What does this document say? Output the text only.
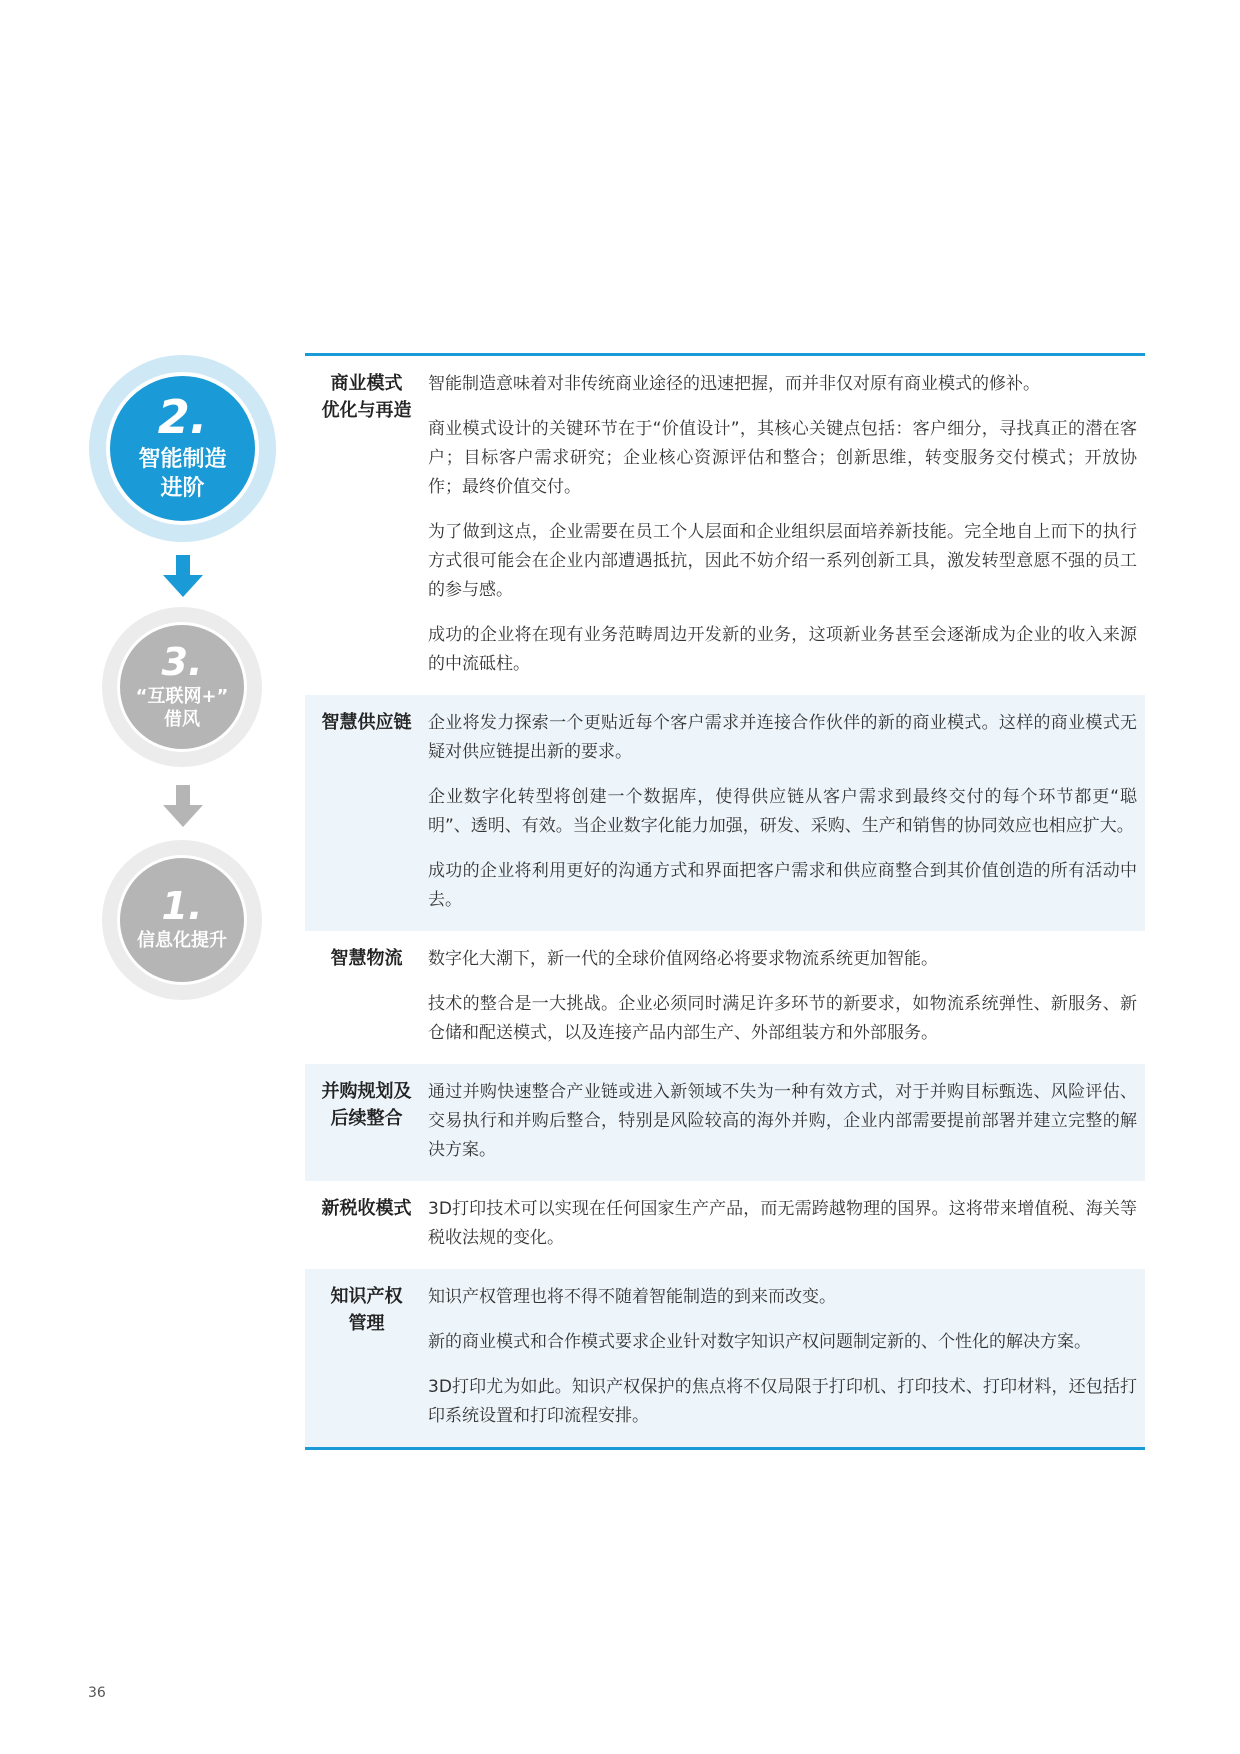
2.
智能制造
进阶
3.
“互联网+”
借风
1.
信息化提升
商业模式
优化与再造

智能制造意味着对非传统商业途径的迅速把握，而并非仅对原有商业模式的修补。

商业模式设计的关键环节在于“价值设计”，其核心关键点包括：客户细分，寻找真正的潜在客户；目标客户需求研究；企业核心资源评估和整合；创新思维，转变服务交付模式；开放协作；最终价值交付。

为了做到这点，企业需要在员工个人层面和企业组织层面培养新技能。完全地自上而下的执行方式很可能会在企业内部遭遇抵抗，因此不妨介绍一系列创新工具，激发转型意愿不强的员工的参与感。

成功的企业将在现有业务范畴周边开发新的业务，这项新业务甚至会逐渐成为企业的收入来源的中流砥柱。

智慧供应链 企业将发力探索一个更贴近每个客户需求并连接合作伙伴的新的商业模式。这样的商业模式无疑对供应链提出新的要求。

企业数字化转型将创建一个数据库，使得供应链从客户需求到最终交付的每个环节都更“聪明”、透明、有效。当企业数字化能力加强，研发、采购、生产和销售的协同效应也相应扩大。

成功的企业将利用更好的沟通方式和界面把客户需求和供应商整合到其价值创造的所有活动中去。

智慧物流	数字化大潮下，新一代的全球价值网络必将要求物流系统更加智能。

技术的整合是一大挑战。企业必须同时满足许多环节的新要求，如物流系统弹性、新服务、新仓储和配送模式，以及连接产品内部生产、外部组装方和外部服务。

并购规划及
后续整合

通过并购快速整合产业链或进入新领域不失为一种有效方式，对于并购目标甄选、风险评估、交易执行和并购后整合，特别是风险较高的海外并购，企业内部需要提前部署并建立完整的解决方案。

新税收模式 3D打印技术可以实现在任何国家生产产品，而无需跨越物理的国界。这将带来增值税、海关等税收法规的变化。

知识产权
管理

知识产权管理也将不得不随着智能制造的到来而改变。

新的商业模式和合作模式要求企业针对数字知识产权问题制定新的、个性化的解决方案。

3D打印尤为如此。知识产权保护的焦点将不仅局限于打印机、打印技术、打印材料，还包括打印系统设置和打印流程安排。

36
